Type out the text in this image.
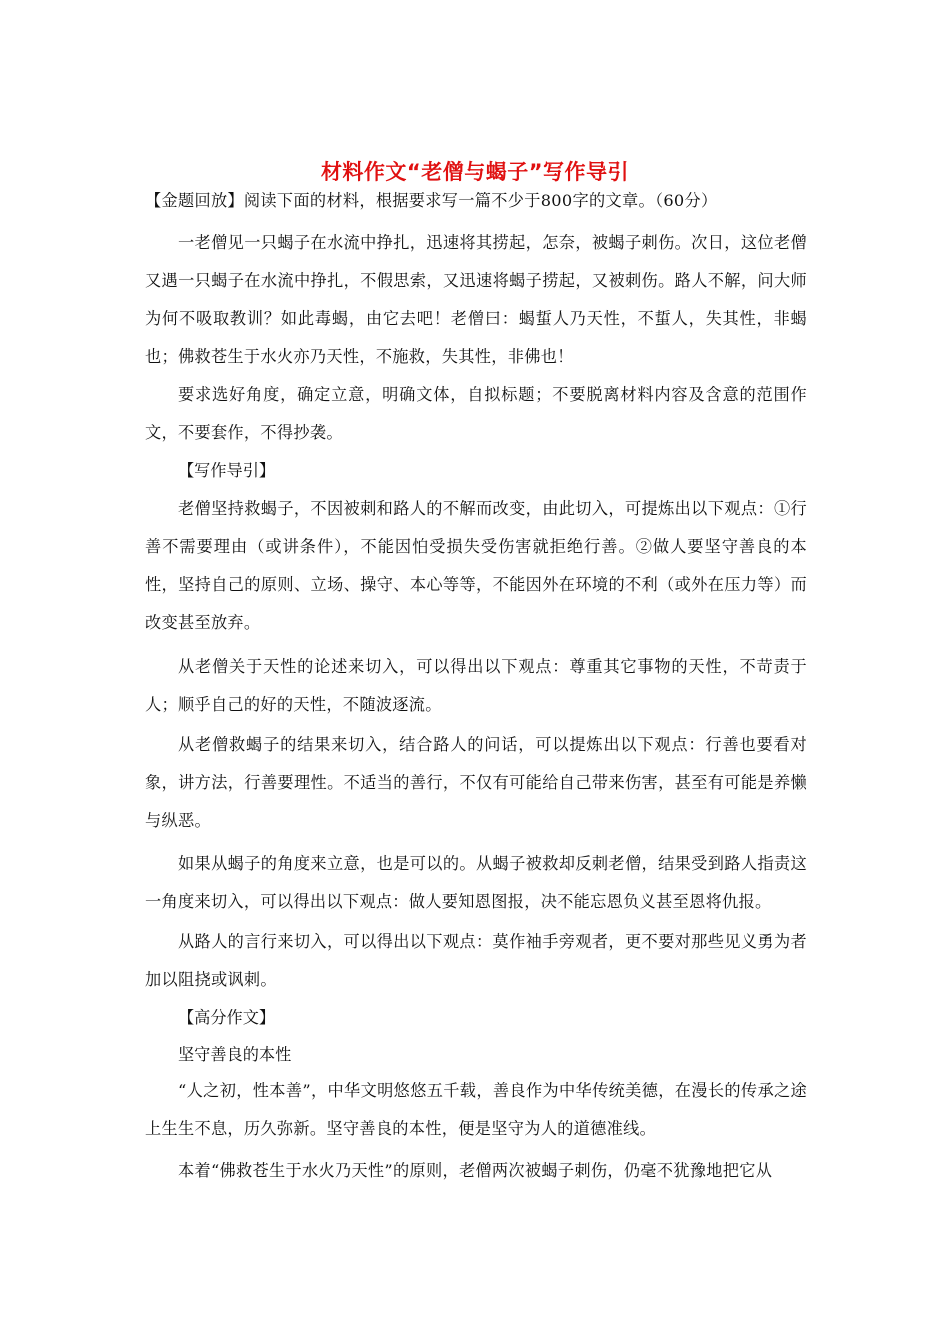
材料作文“老僧与蝎子”写作导引

【金题回放】阅读下面的材料，根据要求写一篇不少于800字的文章。（60分）

一老僧见一只蝎子在水流中挣扎，迅速将其捞起，怎奈，被蝎子刺伤。次日，这位老僧又遇一只蝎子在水流中挣扎，不假思索，又迅速将蝎子捞起，又被刺伤。路人不解，问大师为何不吸取教训？如此毒蝎，由它去吧！老僧曰：蝎蜇人乃天性，不蜇人，失其性，非蝎也；佛救苍生于水火亦乃天性，不施救，失其性，非佛也！

要求选好角度，确定立意，明确文体，自拟标题；不要脱离材料内容及含意的范围作文，不要套作，不得抄袭。

【写作导引】

老僧坚持救蝎子，不因被刺和路人的不解而改变，由此切入，可提炼出以下观点：①行善不需要理由（或讲条件），不能因怕受损失受伤害就拒绝行善。②做人要坚守善良的本性，坚持自己的原则、立场、操守、本心等等，不能因外在环境的不利（或外在压力等）而改变甚至放弃。

从老僧关于天性的论述来切入，可以得出以下观点：尊重其它事物的天性，不苛责于人；顺乎自己的好的天性，不随波逐流。

从老僧救蝎子的结果来切入，结合路人的问话，可以提炼出以下观点：行善也要看对象，讲方法，行善要理性。不适当的善行，不仅有可能给自己带来伤害，甚至有可能是养懒与纵恶。

如果从蝎子的角度来立意，也是可以的。从蝎子被救却反刺老僧，结果受到路人指责这一角度来切入，可以得出以下观点：做人要知恩图报，决不能忘恩负义甚至恩将仇报。

从路人的言行来切入，可以得出以下观点：莫作袖手旁观者，更不要对那些见义勇为者加以阻挠或讽刺。

【高分作文】

坚守善良的本性

“人之初，性本善”，中华文明悠悠五千载，善良作为中华传统美德，在漫长的传承之途上生生不息，历久弥新。坚守善良的本性，便是坚守为人的道德准线。

本着“佛救苍生于水火乃天性”的原则，老僧两次被蝎子刺伤，仍毫不犹豫地把它从
